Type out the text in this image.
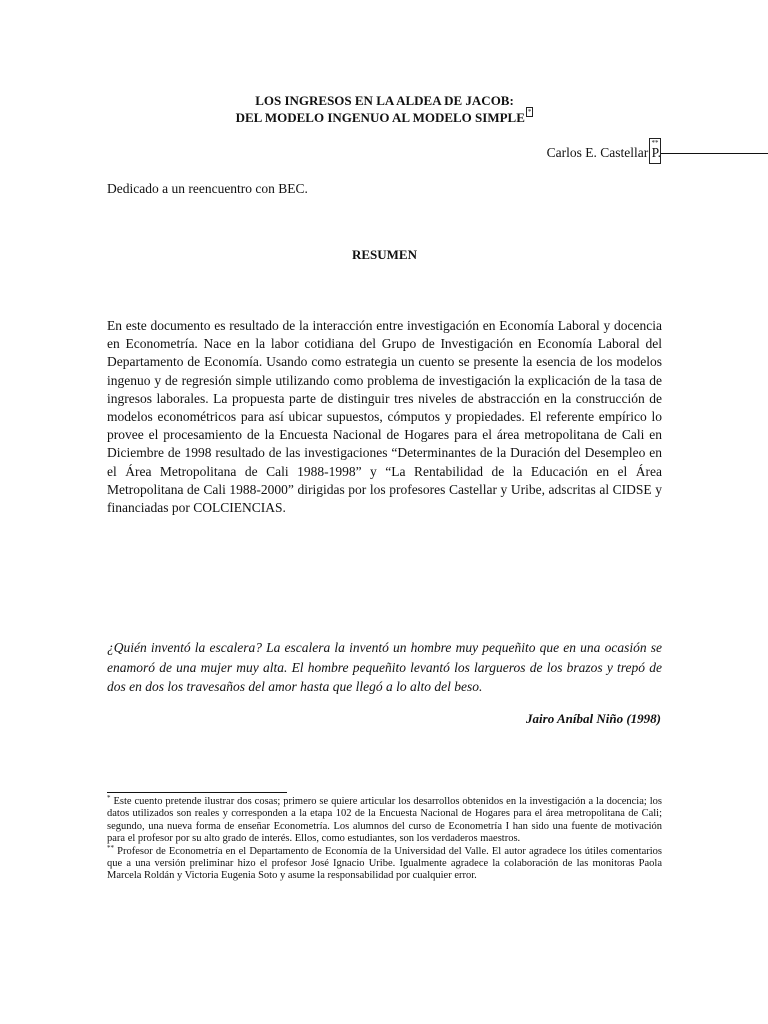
LOS INGRESOS EN LA ALDEA DE JACOB:
DEL MODELO INGENUO AL MODELO SIMPLE *
Carlos E. Castellar P.
**
Dedicado a un reencuentro con BEC.
RESUMEN

En este documento es resultado de la interacción entre investigación en Economía Laboral y docencia en Econometría. Nace en la labor cotidiana del Grupo de Investigación en Economía Laboral del Departamento de Economía. Usando como estrategia un cuento se presente la esencia de los modelos ingenuo y de regresión simple utilizando como problema de investigación la explicación de la tasa de ingresos laborales. La propuesta parte de distinguir tres niveles de abstracción en la construcción de modelos econométricos para así ubicar supuestos, cómputos y propiedades. El referente empírico lo provee el procesamiento de la Encuesta Nacional de Hogares para el área metropolitana de Cali en Diciembre de 1998 resultado de las investigaciones “Determinantes de la Duración del Desempleo en el Área Metropolitana de Cali 1988-1998” y “La Rentabilidad de la Educación en el Área Metropolitana de Cali 1988-2000” dirigidas por los profesores Castellar y Uribe, adscritas al CIDSE y financiadas por COLCIENCIAS.

¿Quién inventó la escalera? La escalera la inventó un hombre muy pequeñito que en una ocasión se enamoró de una mujer muy alta. El hombre pequeñito levantó los largueros de los brazos y trepó de dos en dos los travesaños del amor hasta que llegó a lo alto del beso.

Jairo Aníbal Niño (1998)

* Este cuento pretende ilustrar dos cosas; primero se quiere articular los desarrollos obtenidos en la investigación a la docencia; los datos utilizados son reales y corresponden a la etapa 102 de la Encuesta Nacional de Hogares para el área metropolitana de Cali; segundo, una nueva forma de enseñar Econometría. Los alumnos del curso de Econometría I han sido una fuente de motivación para el profesor por su alto grado de interés. Ellos, como estudiantes, son los verdaderos maestros.

** Profesor de Econometría en el Departamento de Economía de la Universidad del Valle. El autor agradece los útiles comentarios que a una versión preliminar hizo el profesor José Ignacio Uribe. Igualmente agradece la colaboración de las monitoras Paola Marcela Roldán y Victoria Eugenia Soto y asume la responsabilidad por cualquier error.
